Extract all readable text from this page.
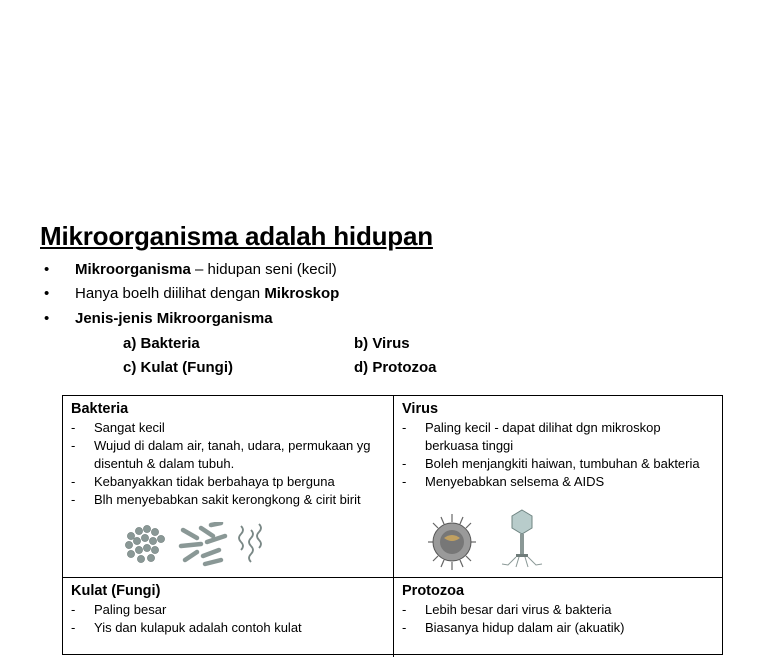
Mikroorganisma adalah hidupan
• Mikroorganisma – hidupan seni (kecil)
• Hanya boelh diilihat dengan Mikroskop
• Jenis-jenis Mikroorganisma
a) Bakteria	b) Virus
c) Kulat (Fungi)	d) Protozoa
Bakteria
- Sangat kecil
- Wujud di dalam air, tanah, udara, permukaan yg disentuh & dalam tubuh.
- Kebanyakkan tidak berbahaya tp berguna
- Blh menyebabkan sakit kerongkong & cirit birit
Virus
- Paling kecil - dapat dilihat dgn mikroskop berkuasa tinggi
- Boleh menjangkiti haiwan, tumbuhan & bakteria
- Menyebabkan selsema & AIDS
Kulat (Fungi)
- Paling besar
- Yis dan kulapuk adalah contoh kulat
Protozoa
- Lebih besar dari virus & bakteria
- Biasanya hidup dalam air (akuatik)
